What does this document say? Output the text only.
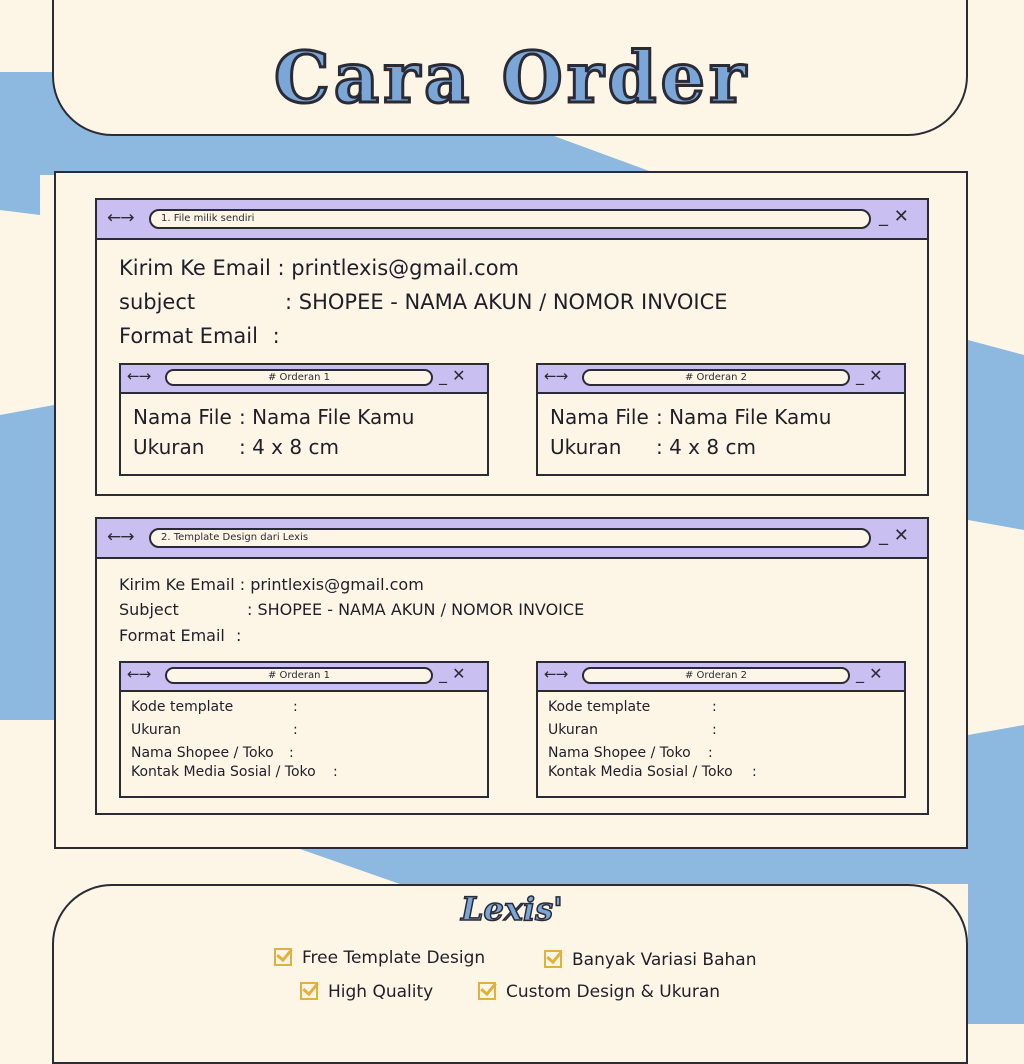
Cara Order
←→	1. File milik sendiri	_ ✕
Kirim Ke Email : printlexis@gmail.com
subject	: SHOPEE - NAMA AKUN / NOMOR INVOICE
Format Email :
←→	# Orderan 1	_ ✕
Nama File : Nama File Kamu
Ukuran : 4 x 8 cm
←→	# Orderan 2	_ ✕
Nama File : Nama File Kamu
Ukuran : 4 x 8 cm
←→	2. Template Design dari Lexis	_ ✕
Kirim Ke Email : printlexis@gmail.com
Subject	: SHOPEE - NAMA AKUN / NOMOR INVOICE
Format Email :
←→	# Orderan 1	_ ✕
Kode template	:
Ukuran	:
Nama Shopee / Toko :
Kontak Media Sosial / Toko :
←→	# Orderan 2	_ ✕
Kode template	:
Ukuran	:
Nama Shopee / Toko :
Kontak Media Sosial / Toko :
Lexis'
Free Template Design	Banyak Variasi Bahan
High Quality	Custom Design & Ukuran
